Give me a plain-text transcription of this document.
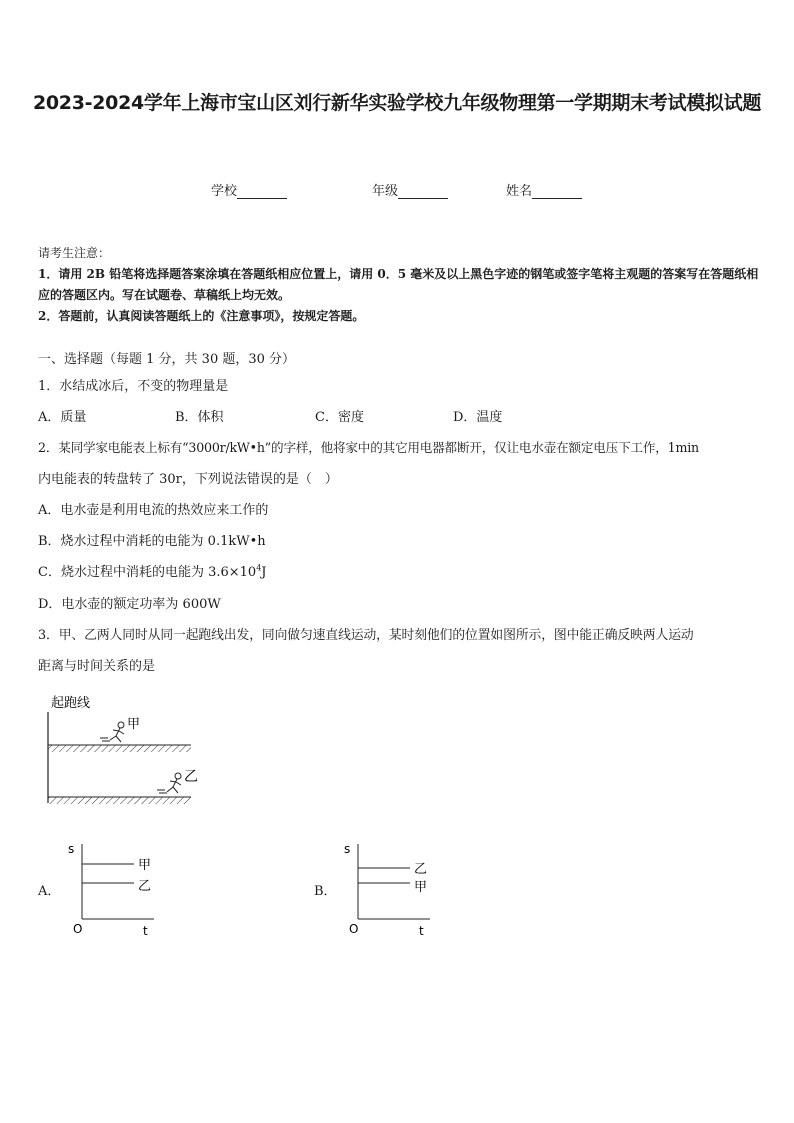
2023-2024学年上海市宝山区刘行新华实验学校九年级物理第一学期期末考试模拟试题
学校	年级	姓名
请考生注意：
1．请用 2B 铅笔将选择题答案涂填在答题纸相应位置上，请用 0．5 毫米及以上黑色字迹的钢笔或签字笔将主观题的答案写在答题纸相应的答题区内。写在试题卷、草稿纸上均无效。
2．答题前，认真阅读答题纸上的《注意事项》，按规定答题。
一、选择题（每题 1 分，共 30 题，30 分）
1．水结成冰后，不变的物理量是
A．质量	B．体积	C．密度	D．温度
2．某同学家电能表上标有“3000r/kW•h”的字样，他将家中的其它用电器都断开，仅让电水壶在额定电压下工作，1min
内电能表的转盘转了 30r，下列说法错误的是（　）
A．电水壶是利用电流的热效应来工作的
B．烧水过程中消耗的电能为 0.1kW•h
C．烧水过程中消耗的电能为 $3.6\times 10^4J$
D．电水壶的额定功率为 600W
3．甲、乙两人同时从同一起跑线出发，同向做匀速直线运动，某时刻他们的位置如图所示，图中能正确反映两人运动
距离与时间关系的是
起跑线
甲
乙
A．
s
O	t
甲
乙	B．
s
O	t
乙
甲
